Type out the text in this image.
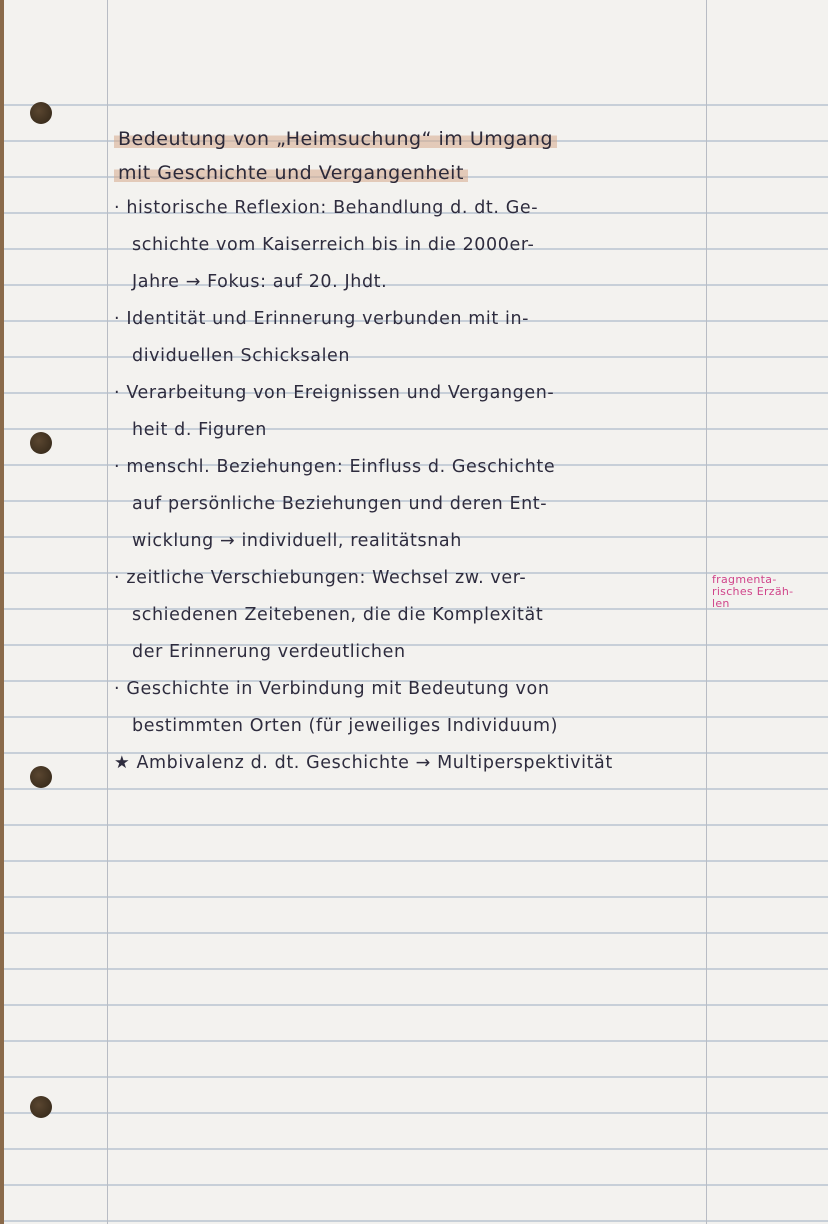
Bedeutung von „Heimsuchung“ im Umgang
mit Geschichte und Vergangenheit
· historische Reflexion: Behandlung d. dt. Ge-
schichte vom Kaiserreich bis in die 2000er-
Jahre → Fokus: auf 20. Jhdt.
· Identität und Erinnerung verbunden mit in-
dividuellen Schicksalen
· Verarbeitung von Ereignissen und Vergangen-
heit d. Figuren
· menschl. Beziehungen: Einfluss d. Geschichte
auf persönliche Beziehungen und deren Ent-
wicklung → individuell, realitätsnah
· zeitliche Verschiebungen: Wechsel zw. ver-
schiedenen Zeitebenen, die die Komplexität
der Erinnerung verdeutlichen
· Geschichte in Verbindung mit Bedeutung von
bestimmten Orten (für jeweiliges Individuum)
★ Ambivalenz d. dt. Geschichte → Multiperspektivität
fragmenta-
risches Erzäh-
len
